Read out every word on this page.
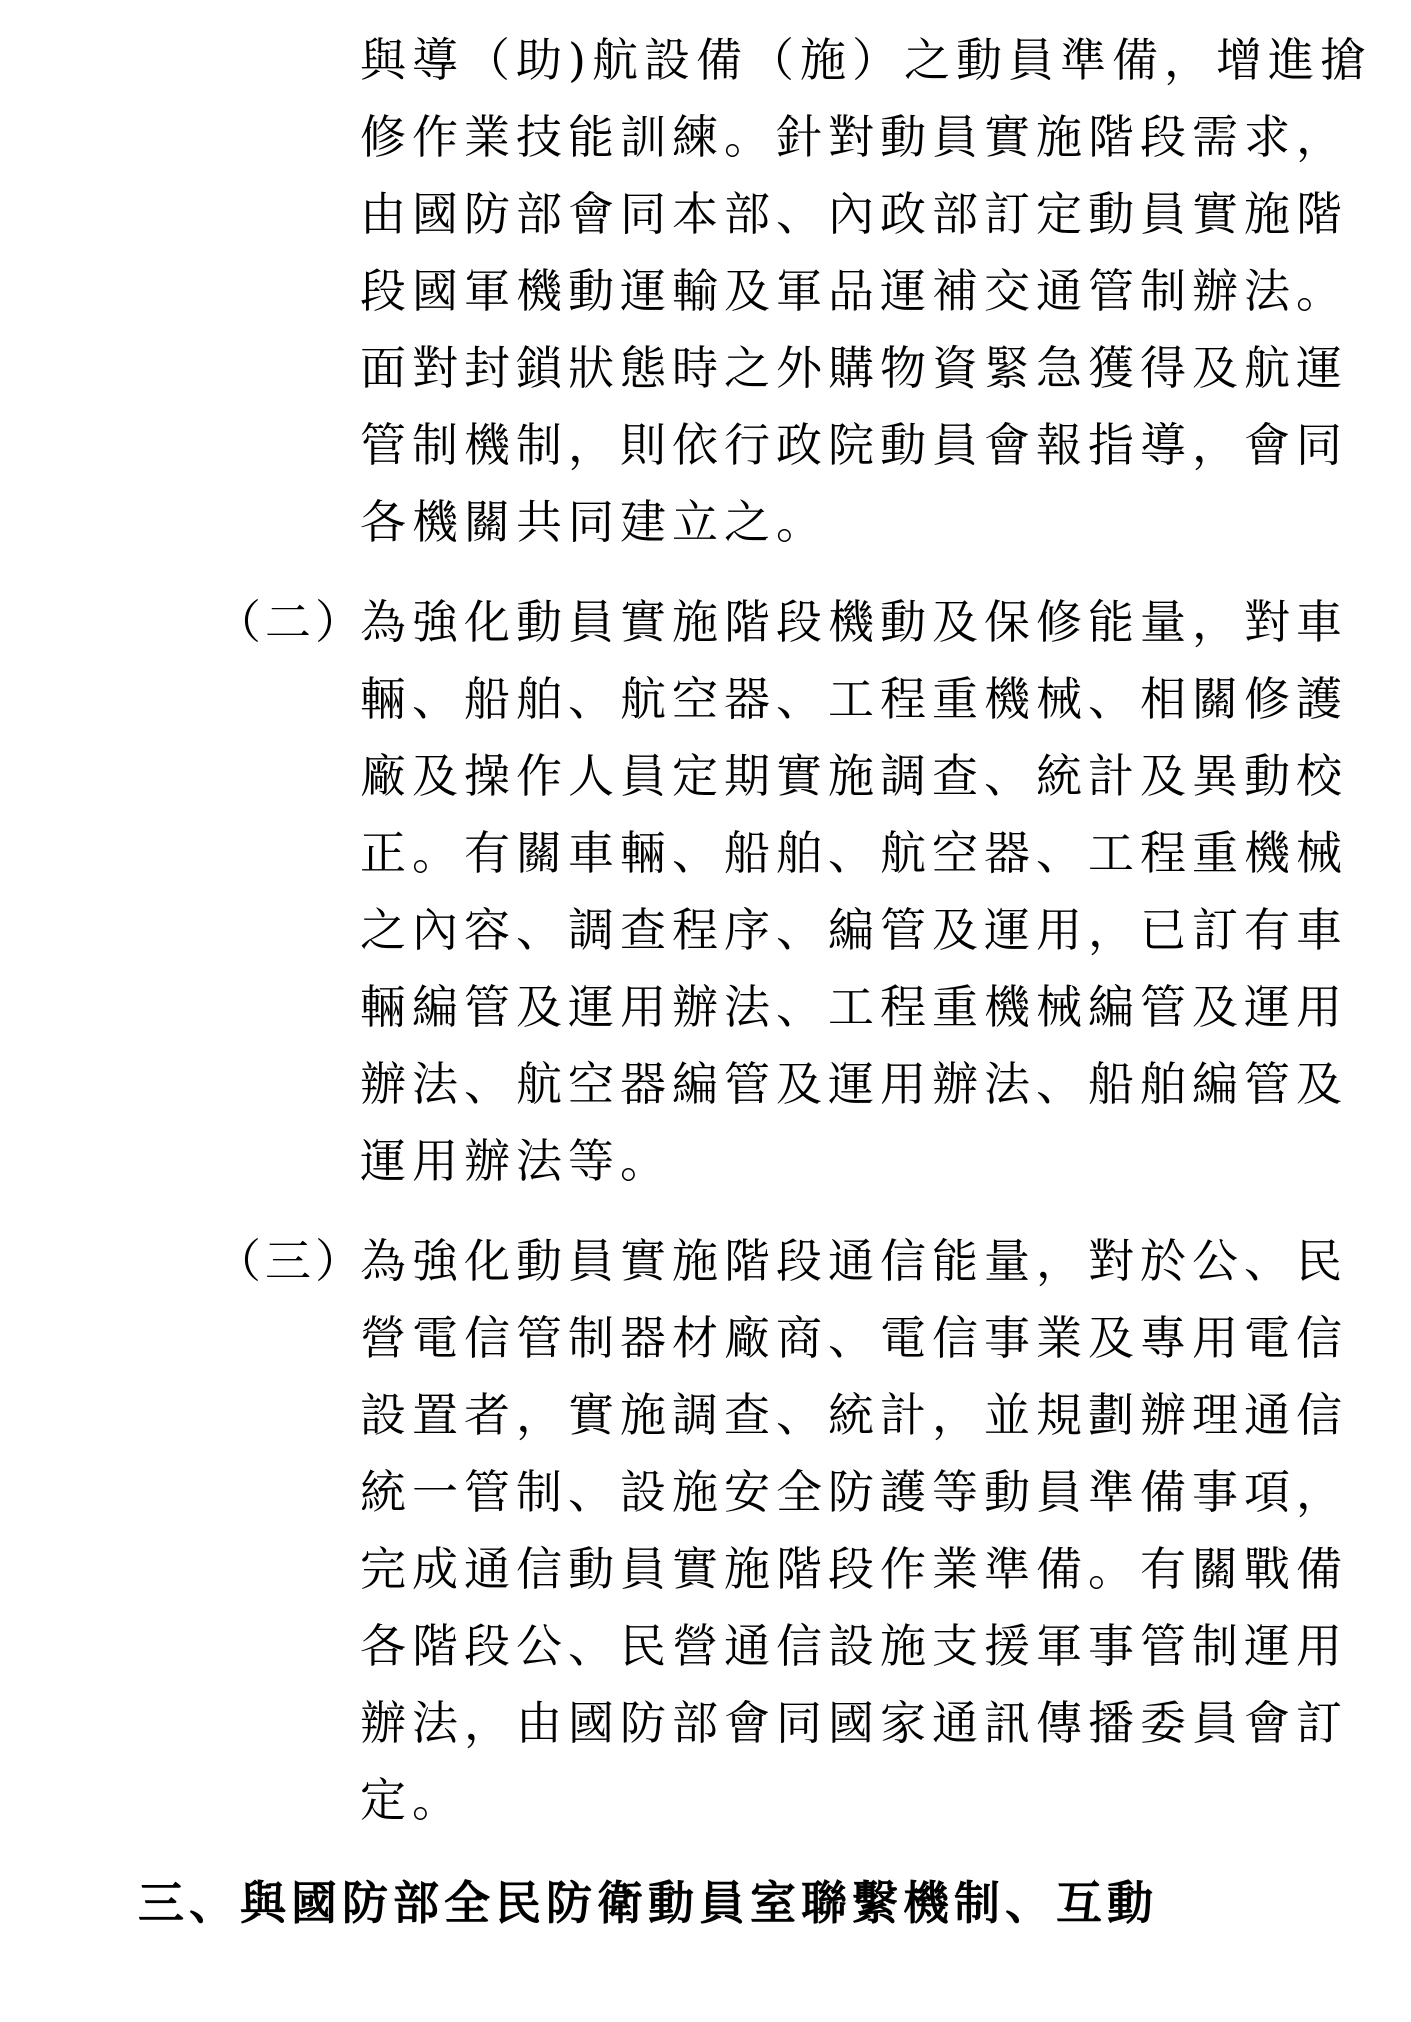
與導（助)航設備（施）之動員準備，增進搶
修作業技能訓練。針對動員實施階段需求，
由國防部會同本部、內政部訂定動員實施階
段國軍機動運輸及軍品運補交通管制辦法。
面對封鎖狀態時之外購物資緊急獲得及航運
管制機制，則依行政院動員會報指導，會同
各機關共同建立之。
（二）
為強化動員實施階段機動及保修能量，對車
輛、船舶、航空器、工程重機械、相關修護
廠及操作人員定期實施調查、統計及異動校
正。有關車輛、船舶、航空器、工程重機械
之內容、調查程序、編管及運用，已訂有車
輛編管及運用辦法、工程重機械編管及運用
辦法、航空器編管及運用辦法、船舶編管及
運用辦法等。
（三）
為強化動員實施階段通信能量，對於公、民
營電信管制器材廠商、電信事業及專用電信
設置者，實施調查、統計，並規劃辦理通信
統一管制、設施安全防護等動員準備事項，
完成通信動員實施階段作業準備。有關戰備
各階段公、民營通信設施支援軍事管制運用
辦法，由國防部會同國家通訊傳播委員會訂
定。
三、與國防部全民防衛動員室聯繫機制、互動
